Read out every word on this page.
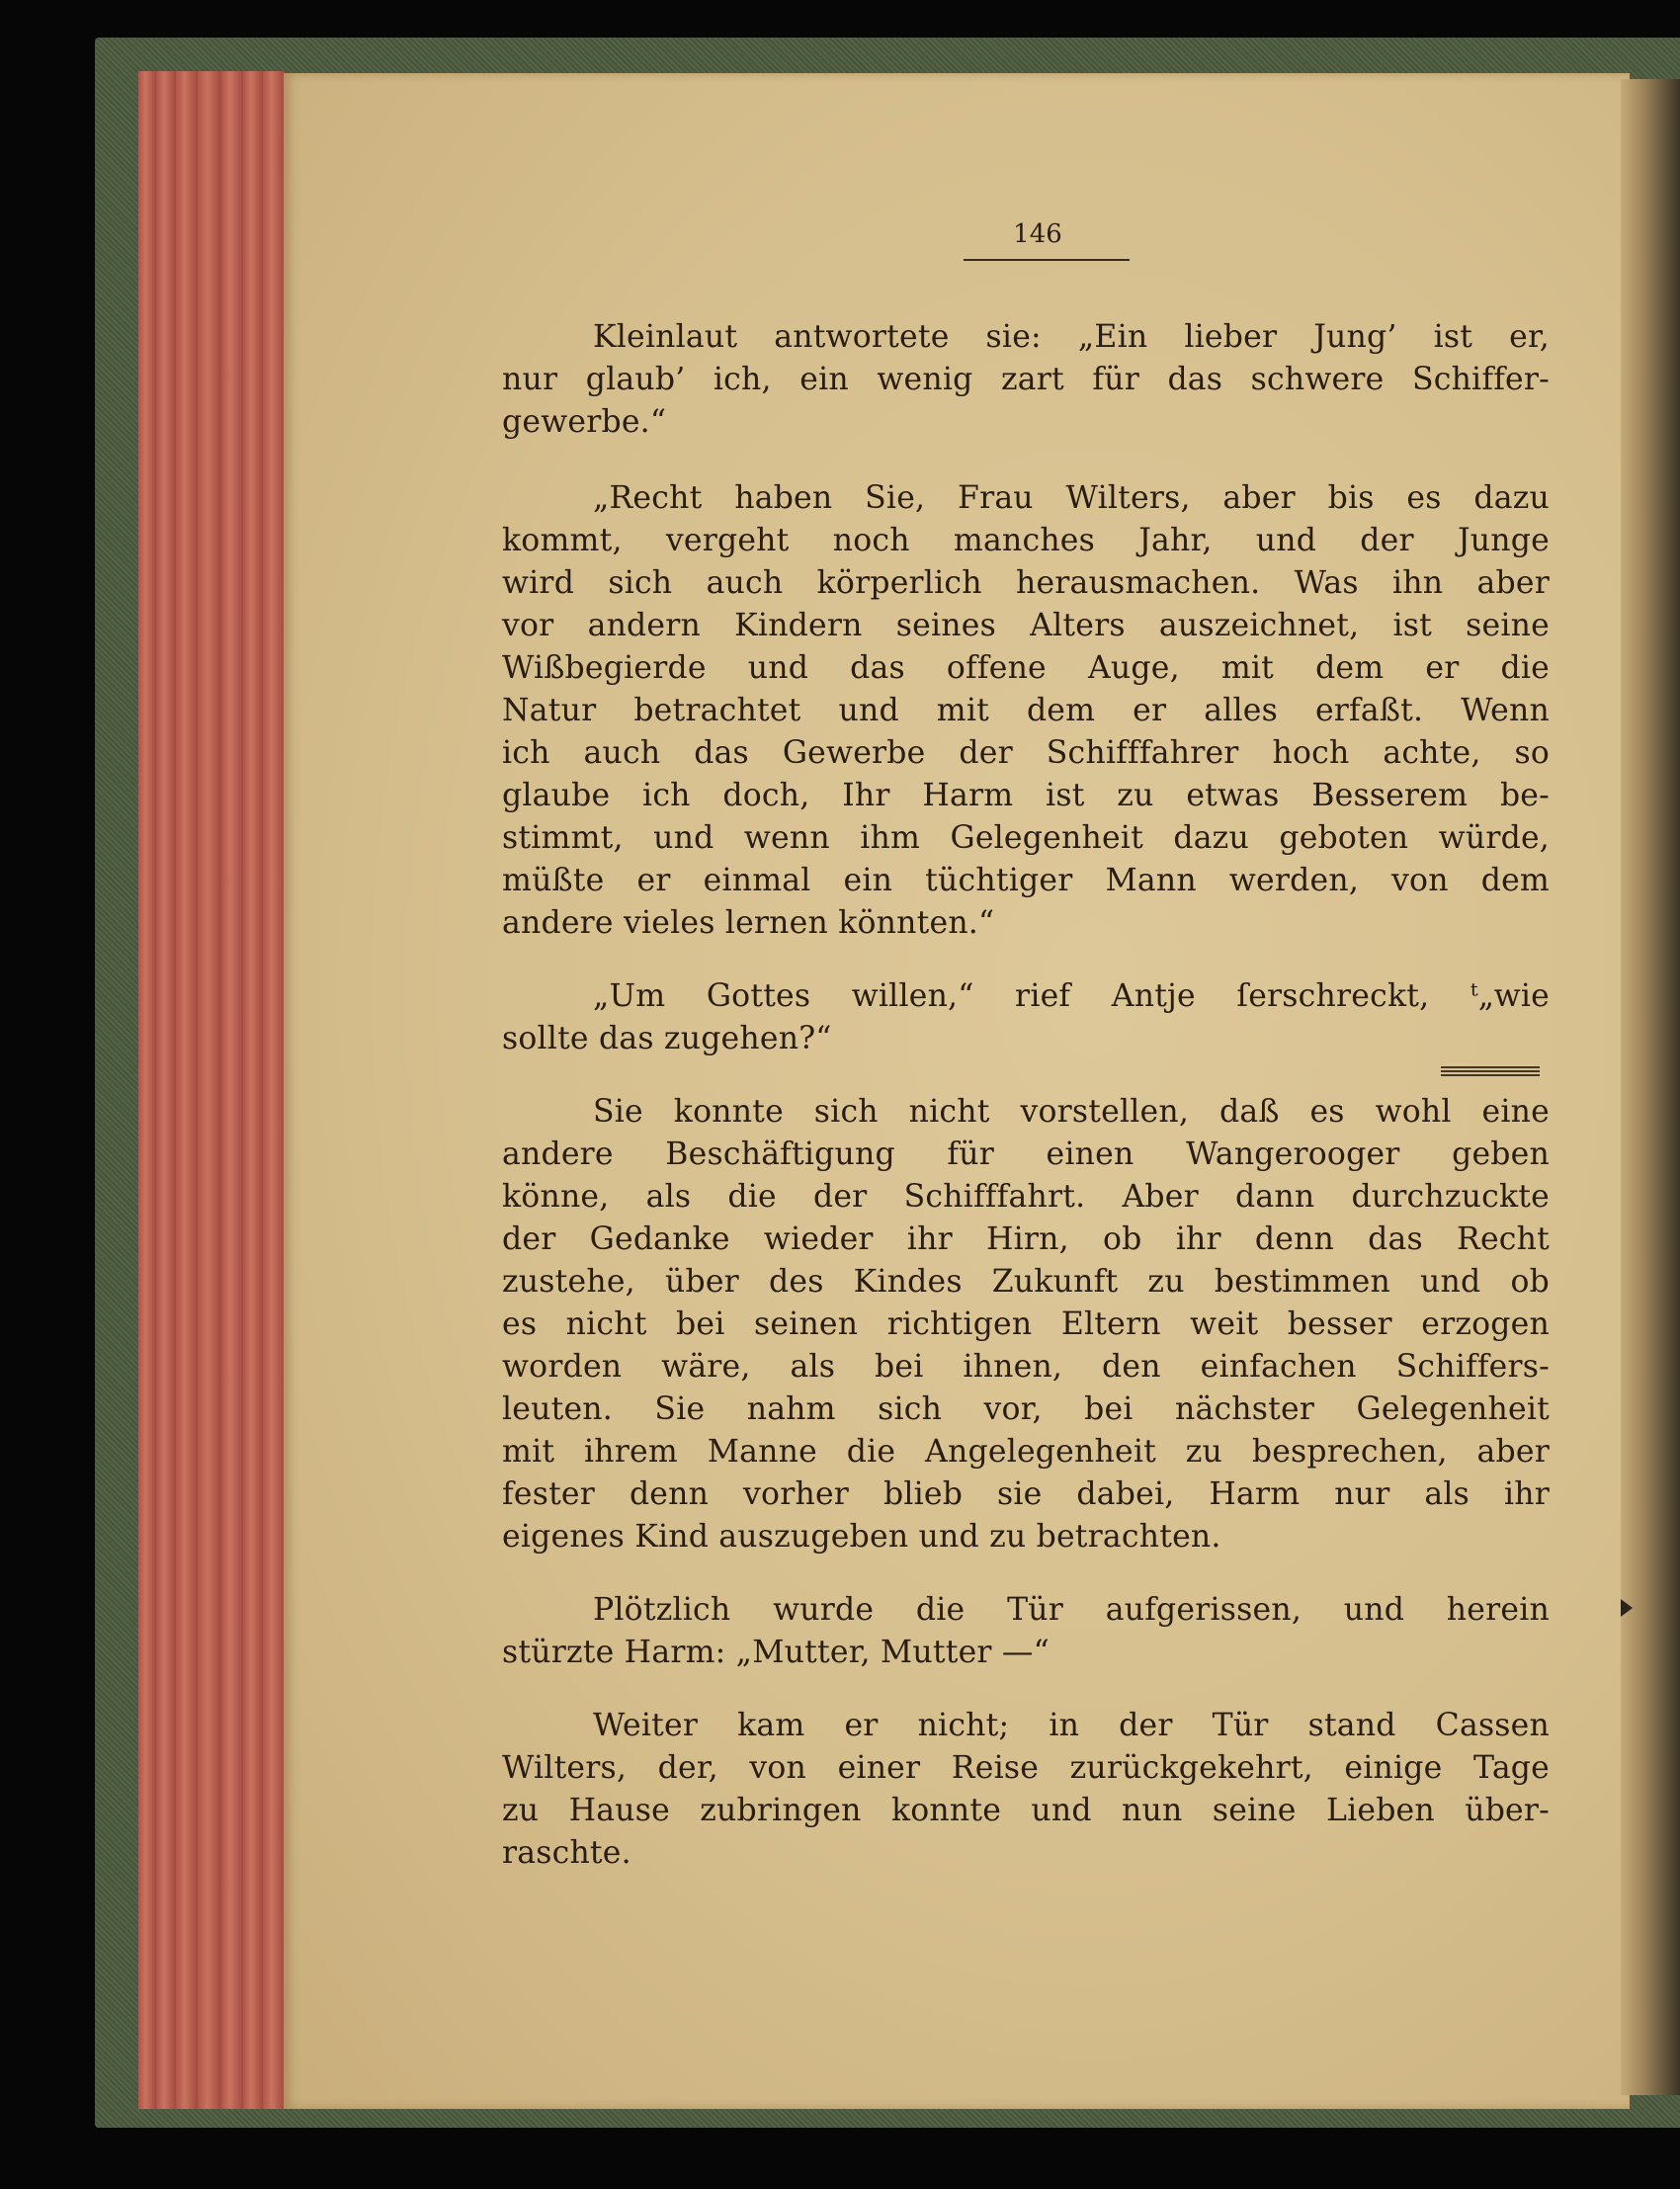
146
Kleinlaut antwortete sie: „Ein lieber Jung’ ist er,
nur glaub’ ich, ein wenig zart für das schwere Schiffer-
gewerbe.“
„Recht haben Sie, Frau Wilters, aber bis es dazu
kommt, vergeht noch manches Jahr, und der Junge
wird sich auch körperlich herausmachen. Was ihn aber
vor andern Kindern seines Alters auszeichnet, ist seine
Wißbegierde und das offene Auge, mit dem er die
Natur betrachtet und mit dem er alles erfaßt. Wenn
ich auch das Gewerbe der Schifffahrer hoch achte, so
glaube ich doch, Ihr Harm ist zu etwas Besserem be-
stimmt, und wenn ihm Gelegenheit dazu geboten würde,
müßte er einmal ein tüchtiger Mann werden, von dem
andere vieles lernen könnten.“
„Um Gottes willen,“ rief Antje ſerschreckt, ᵗ„wie
sollte das zugehen?“
Sie konnte sich nicht vorstellen, daß es wohl eine
andere Beschäftigung für einen Wangerooger geben
könne, als die der Schifffahrt. Aber dann durchzuckte
der Gedanke wieder ihr Hirn, ob ihr denn das Recht
zustehe, über des Kindes Zukunft zu bestimmen und ob
es nicht bei seinen richtigen Eltern weit besser erzogen
worden wäre, als bei ihnen, den einfachen Schiffers-
leuten. Sie nahm sich vor, bei nächster Gelegenheit
mit ihrem Manne die Angelegenheit zu besprechen, aber
fester denn vorher blieb sie dabei, Harm nur als ihr
eigenes Kind auszugeben und zu betrachten.
Plötzlich wurde die Tür aufgerissen, und herein
stürzte Harm: „Mutter, Mutter —“
Weiter kam er nicht; in der Tür stand Cassen
Wilters, der, von einer Reise zurückgekehrt, einige Tage
zu Hause zubringen konnte und nun seine Lieben über-
raschte.
